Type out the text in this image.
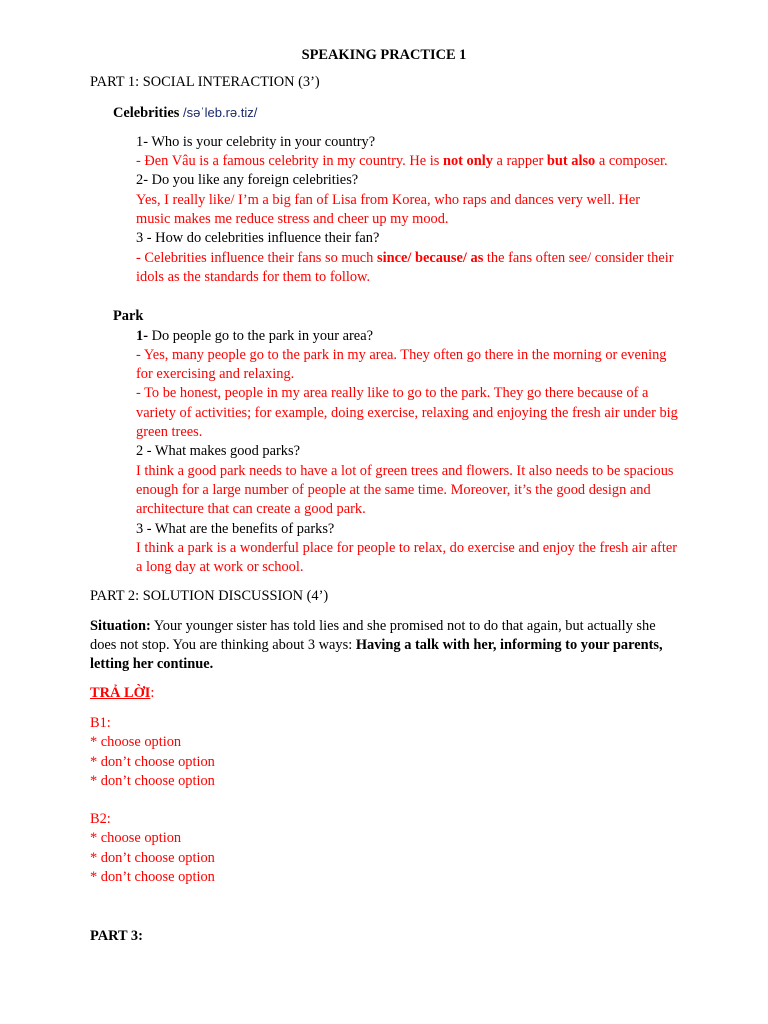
SPEAKING PRACTICE 1
PART 1: SOCIAL INTERACTION (3’)
Celebrities /səˈleb.rə.tiz/
1- Who is your celebrity in your country?
- Đen Vâu is a famous celebrity in my country. He is not only a rapper but also a composer.
2- Do you like any foreign celebrities?
Yes, I really like/ I’m a big fan of Lisa from Korea, who raps and dances very well. Her music makes me reduce stress and cheer up my mood.
3 - How do celebrities influence their fan?
- Celebrities influence their fans so much since/ because/ as the fans often see/ consider their idols as the standards for them to follow.
Park
1- Do people go to the park in your area?
- Yes, many people go to the park in my area. They often go there in the morning or evening for exercising and relaxing.
- To be honest, people in my area really like to go to the park. They go there because of a variety of activities; for example, doing exercise, relaxing and enjoying the fresh air under big green trees.
2 - What makes good parks?
I think a good park needs to have a lot of green trees and flowers. It also needs to be spacious enough for a large number of people at the same time. Moreover, it’s the good design and architecture that can create a good park.
3 - What are the benefits of parks?
I think a park is a wonderful place for people to relax, do exercise and enjoy the fresh air after a long day at work or school.
PART 2: SOLUTION DISCUSSION (4’)
Situation: Your younger sister has told lies and she promised not to do that again, but actually she does not stop. You are thinking about 3 ways: Having a talk with her, informing to your parents, letting her continue.
TRẢ LỜI:
B1:
* choose option
* don’t choose option
* don’t choose option
B2:
* choose option
* don’t choose option
* don’t choose option
PART 3:
